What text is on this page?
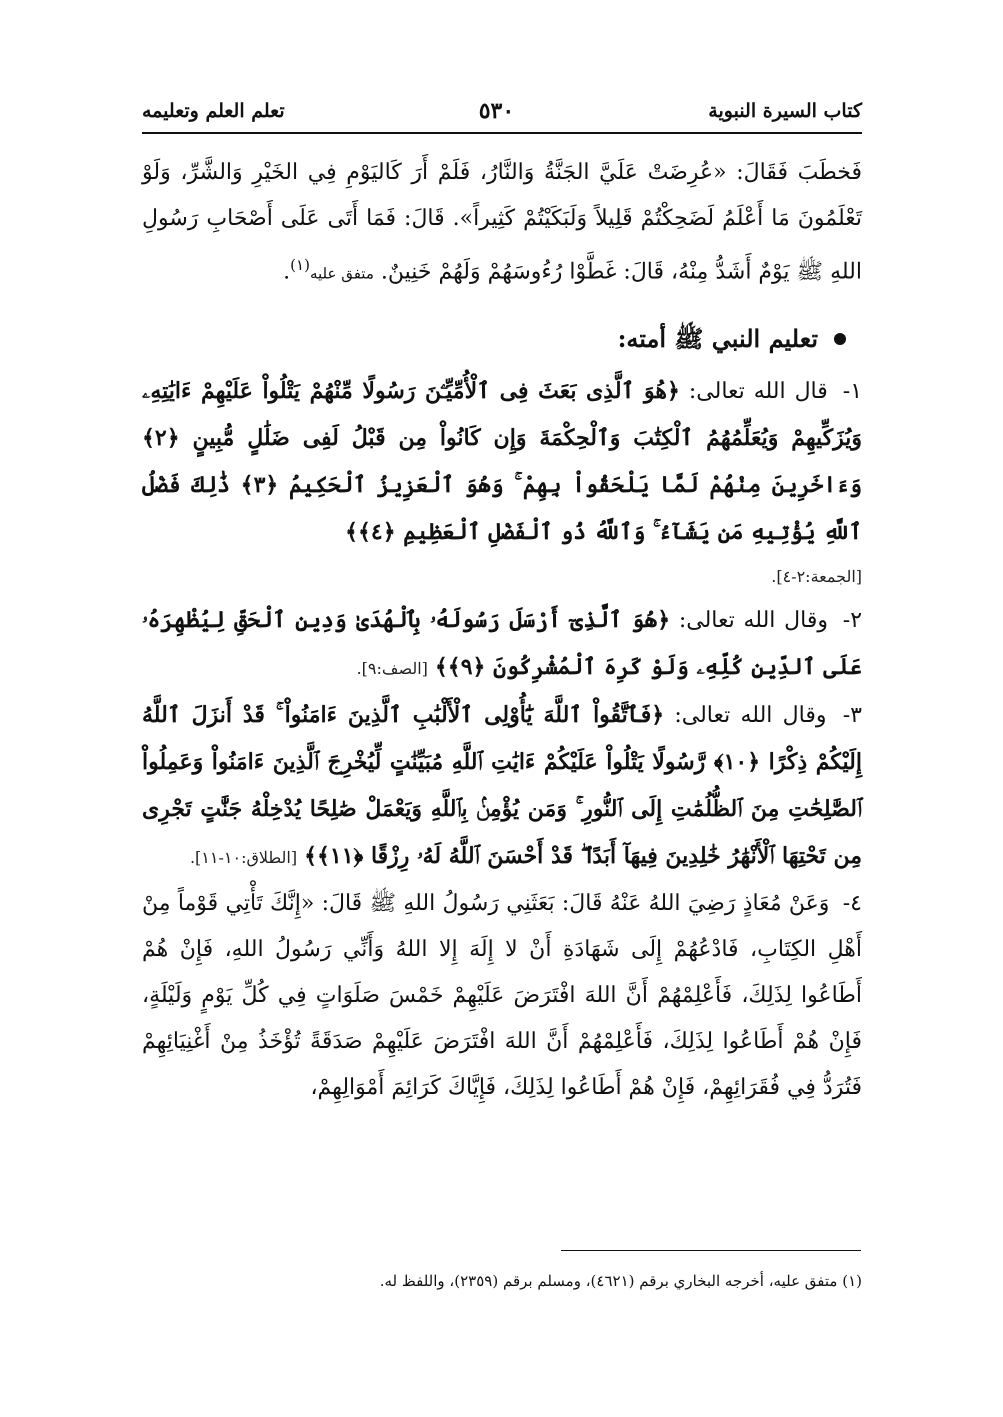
كتاب السيرة النبوية
٥٣٠
تعلم العلم وتعليمه

فَخطَبَ فَقَالَ: «عُرِضَتْ عَلَيَّ الجَنَّةُ وَالنَّارُ، فَلَمْ أَرَ كَاليَوْمِ فِي الخَيْرِ وَالشَّرِّ، وَلَوْ تَعْلَمُونَ مَا أَعْلَمُ لَضَحِكْتُمْ قَلِيلاً وَلَبَكَيْتُمْ كَثِيراً». قَالَ: فَمَا أَتَى عَلَى أَصْحَابِ رَسُولِ اللهِ ﷺ يَوْمٌ أَشَدُّ مِنْهُ، قَالَ: غَطَّوْا رُءُوسَهُمْ وَلَهُمْ خَنِينٌ. متفق عليه$^{(١)}$.

تعليم النبي ﷺ أمته:

١- قال الله تعالى: ﴿هُوَ ٱلَّذِى بَعَثَ فِى ٱلْأُمِّيِّـۧنَ رَسُولًا مِّنْهُمْ يَتْلُواْ عَلَيْهِمْ ءَايَٰتِهِۦ وَيُزَكِّيهِمْ وَيُعَلِّمُهُمُ ٱلْكِتَٰبَ وَٱلْحِكْمَةَ وَإِن كَانُواْ مِن قَبْلُ لَفِى ضَلَٰلٍ مُّبِينٍ ﴿٢﴾ وَءَاخَرِينَ مِنْهُمْ لَمَّا يَلْحَقُواْ بِهِمْ ۚ وَهُوَ ٱلْعَزِيزُ ٱلْحَكِيمُ ﴿٣﴾ ذَٰلِكَ فَضْلُ ٱللَّهِ يُؤْتِيهِ مَن يَشَآءُ ۚ وَٱللَّهُ ذُو ٱلْفَضْلِ ٱلْعَظِيمِ ﴿٤﴾﴾

[الجمعة:٢-٤].

٢- وقال الله تعالى: ﴿هُوَ ٱلَّذِىٓ أَرْسَلَ رَسُولَهُۥ بِٱلْهُدَىٰ وَدِينِ ٱلْحَقِّ لِيُظْهِرَهُۥ عَلَى ٱلدِّينِ كُلِّهِۦ وَلَوْ كَرِهَ ٱلْمُشْرِكُونَ ﴿٩﴾﴾ [الصف:٩].

٣- وقال الله تعالى: ﴿فَٱتَّقُواْ ٱللَّهَ يَٰٓأُوْلِى ٱلْأَلْبَٰبِ ٱلَّذِينَ ءَامَنُواْ ۚ قَدْ أَنزَلَ ٱللَّهُ إِلَيْكُمْ ذِكْرًا ﴿١٠﴾ رَّسُولًا يَتْلُواْ عَلَيْكُمْ ءَايَٰتِ ٱللَّهِ مُبَيِّنَٰتٍ لِّيُخْرِجَ ٱلَّذِينَ ءَامَنُواْ وَعَمِلُواْ ٱلصَّٰلِحَٰتِ مِنَ ٱلظُّلُمَٰتِ إِلَى ٱلنُّورِ ۚ وَمَن يُؤْمِنۢ بِٱللَّهِ وَيَعْمَلْ صَٰلِحًا يُدْخِلْهُ جَنَّٰتٍ تَجْرِى مِن تَحْتِهَا ٱلْأَنْهَٰرُ خَٰلِدِينَ فِيهَآ أَبَدًا ۖ قَدْ أَحْسَنَ ٱللَّهُ لَهُۥ رِزْقًا ﴿١١﴾﴾ [الطلاق:١٠-١١].

٤- وَعَنْ مُعَاذٍ رَضِيَ اللهُ عَنْهُ قَالَ: بَعَثَنِي رَسُولُ اللهِ ﷺ قَالَ: «إِنَّكَ تَأْتِي قَوْماً مِنْ أَهْلِ الكِتَابِ، فَادْعُهُمْ إِلَى شَهَادَةِ أَنْ لا إِلَهَ إِلا اللهُ وَأَنِّي رَسُولُ اللهِ، فَإِنْ هُمْ أَطَاعُوا لِذَلِكَ، فَأَعْلِمْهُمْ أَنَّ اللهَ افْتَرَضَ عَلَيْهِمْ خَمْسَ صَلَوَاتٍ فِي كُلِّ يَوْمٍ وَلَيْلَةٍ، فَإِنْ هُمْ أَطَاعُوا لِذَلِكَ، فَأَعْلِمْهُمْ أَنَّ اللهَ افْتَرَضَ عَلَيْهِمْ صَدَقَةً تُؤْخَذُ مِنْ أَغْنِيَائِهِمْ فَتُرَدُّ فِي فُقَرَائِهِمْ، فَإِنْ هُمْ أَطَاعُوا لِذَلِكَ، فَإِيَّاكَ كَرَائِمَ أَمْوَالِهِمْ،

(١) متفق عليه، أخرجه البخاري برقم (٤٦٢١)، ومسلم برقم (٢٣٥٩)، واللفظ له.
